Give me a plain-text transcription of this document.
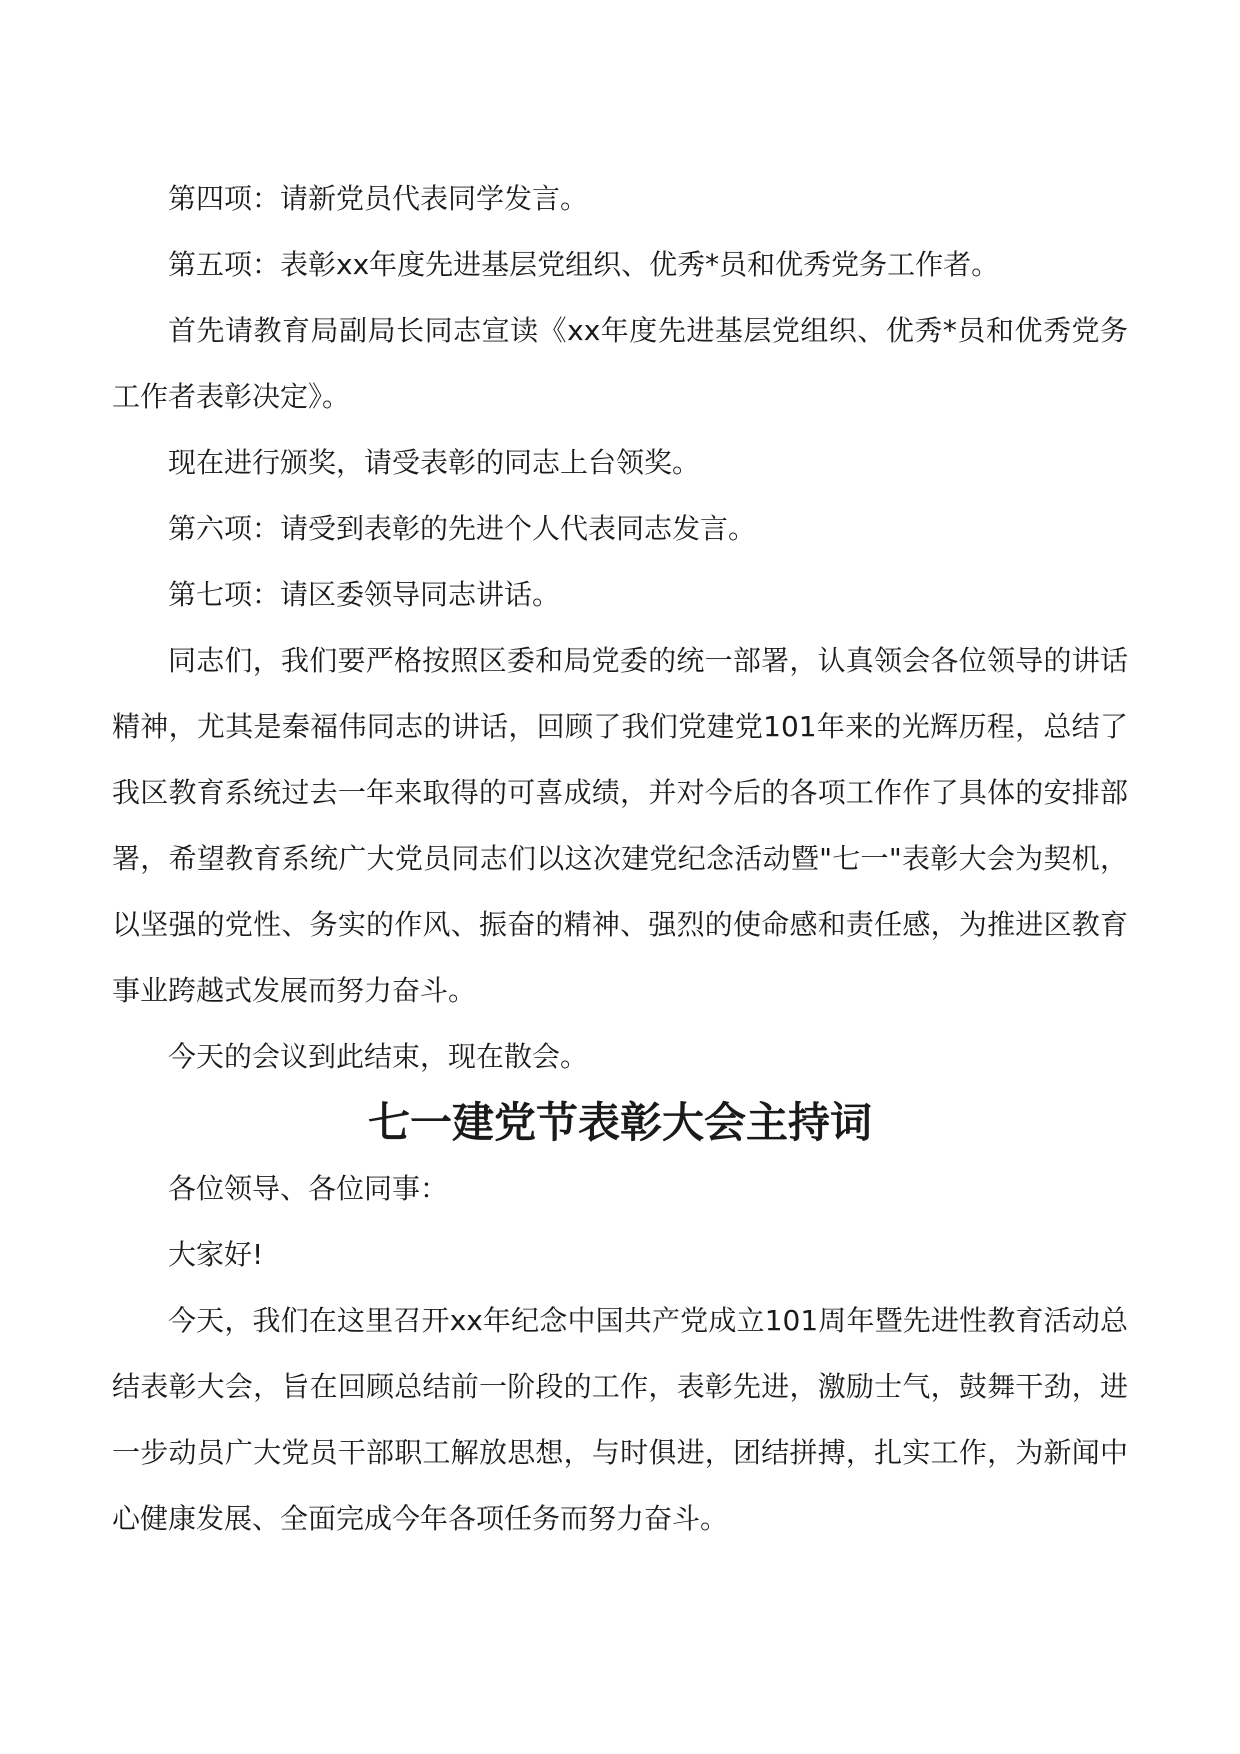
第四项：请新党员代表同学发言。

第五项：表彰xx年度先进基层党组织、优秀*员和优秀党务工作者。

首先请教育局副局长同志宣读《xx年度先进基层党组织、优秀*员和优秀党务工作者表彰决定》。

现在进行颁奖，请受表彰的同志上台领奖。

第六项：请受到表彰的先进个人代表同志发言。

第七项：请区委领导同志讲话。

同志们，我们要严格按照区委和局党委的统一部署，认真领会各位领导的讲话精神，尤其是秦福伟同志的讲话，回顾了我们党建党101年来的光辉历程，总结了我区教育系统过去一年来取得的可喜成绩，并对今后的各项工作作了具体的安排部署，希望教育系统广大党员同志们以这次建党纪念活动暨"七一"表彰大会为契机，以坚强的党性、务实的作风、振奋的精神、强烈的使命感和责任感，为推进区教育事业跨越式发展而努力奋斗。

今天的会议到此结束，现在散会。

七一建党节表彰大会主持词

各位领导、各位同事：

大家好!

今天，我们在这里召开xx年纪念中国共产党成立101周年暨先进性教育活动总结表彰大会，旨在回顾总结前一阶段的工作，表彰先进，激励士气，鼓舞干劲，进一步动员广大党员干部职工解放思想，与时俱进，团结拼搏，扎实工作，为新闻中心健康发展、全面完成今年各项任务而努力奋斗。
